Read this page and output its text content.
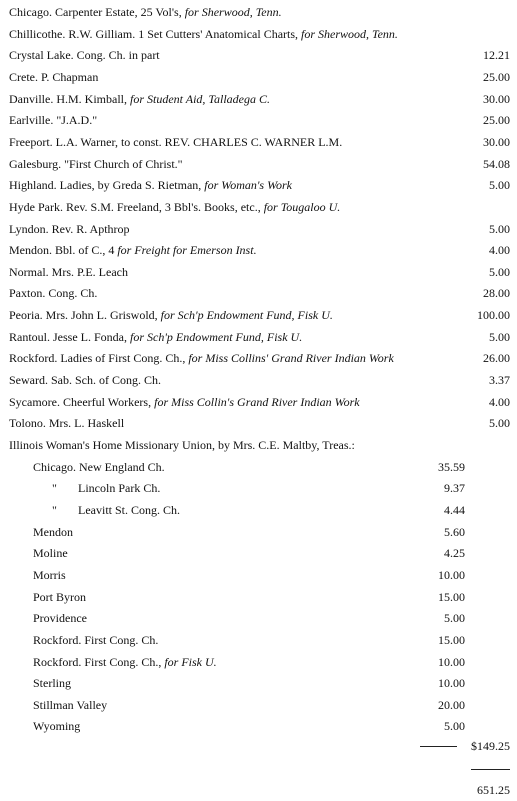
Chicago. Carpenter Estate, 25 Vol's, for Sherwood, Tenn.
Chillicothe. R.W. Gilliam. 1 Set Cutters' Anatomical Charts, for Sherwood, Tenn.
Crystal Lake. Cong. Ch. in part	12.21
Crete. P. Chapman	25.00
Danville. H.M. Kimball, for Student Aid, Talladega C.	30.00
Earlville. "J.A.D."	25.00
Freeport. L.A. Warner, to const. REV. CHARLES C. WARNER L.M.	30.00
Galesburg. "First Church of Christ."	54.08
Highland. Ladies, by Greda S. Rietman, for Woman's Work	5.00
Hyde Park. Rev. S.M. Freeland, 3 Bbl's. Books, etc., for Tougaloo U.
Lyndon. Rev. R. Apthrop	5.00
Mendon. Bbl. of C., 4 for Freight for Emerson Inst.	4.00
Normal. Mrs. P.E. Leach	5.00
Paxton. Cong. Ch.	28.00
Peoria. Mrs. John L. Griswold, for Sch'p Endowment Fund, Fisk U.	100.00
Rantoul. Jesse L. Fonda, for Sch'p Endowment Fund, Fisk U.	5.00
Rockford. Ladies of First Cong. Ch., for Miss Collins' Grand River Indian Work	26.00
Seward. Sab. Sch. of Cong. Ch.	3.37
Sycamore. Cheerful Workers, for Miss Collin's Grand River Indian Work	4.00
Tolono. Mrs. L. Haskell	5.00
Illinois Woman's Home Missionary Union, by Mrs. C.E. Maltby, Treas.:
Chicago. New England Ch.	35.59
" Lincoln Park Ch.	9.37
" Leavitt St. Cong. Ch.	4.44
Mendon	5.60
Moline	4.25
Morris	10.00
Port Byron	15.00
Providence	5.00
Rockford. First Cong. Ch.	15.00
Rockford. First Cong. Ch., for Fisk U.	10.00
Sterling	10.00
Stillman Valley	20.00
Wyoming	5.00
$149.25
651.25
